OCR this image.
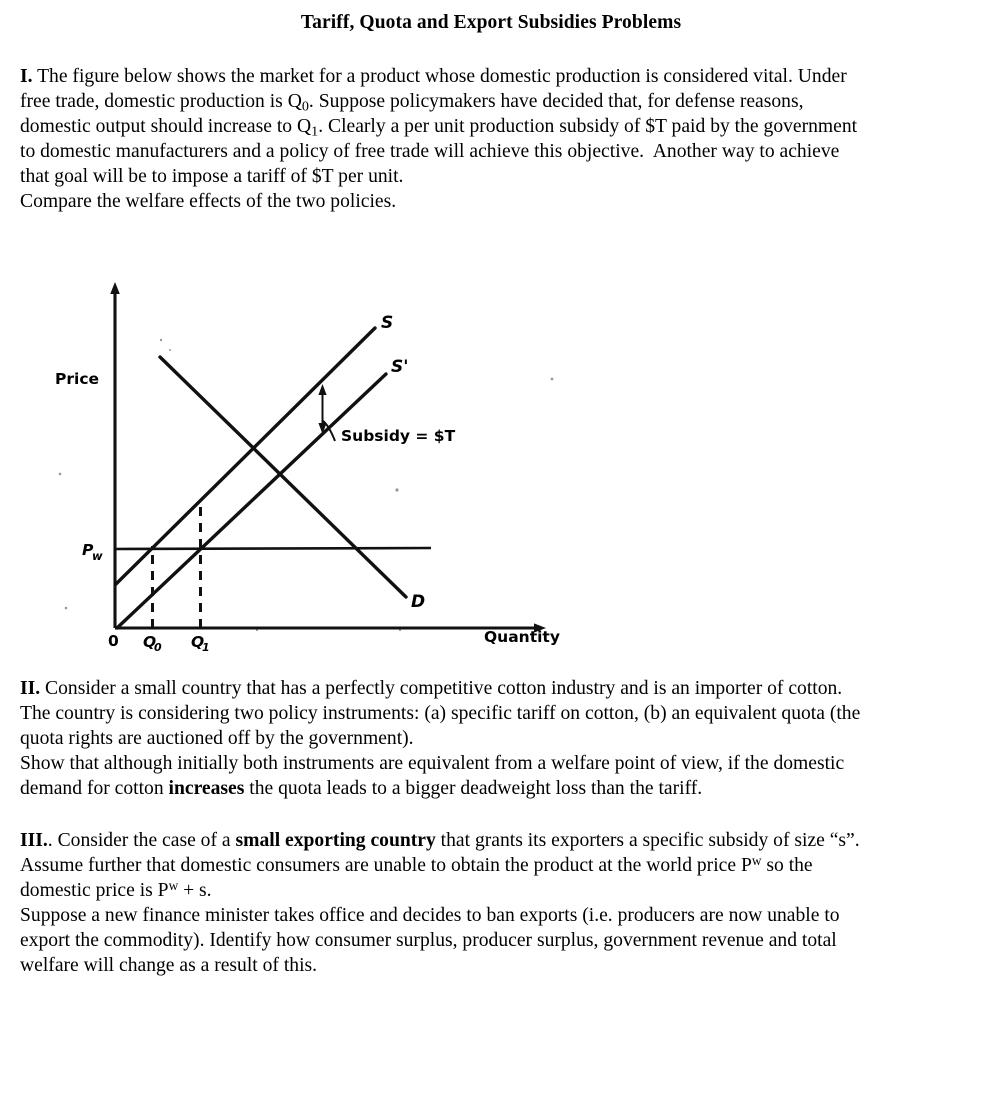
Tariff, Quota and Export Subsidies Problems
I. The figure below shows the market for a product whose domestic production is considered vital. Under
free trade, domestic production is $Q_0$. Suppose policymakers have decided that, for defense reasons,
domestic output should increase to $Q_1$. Clearly a per unit production subsidy of $T paid by the government
to domestic manufacturers and a policy of free trade will achieve this objective.  Another way to achieve
that goal will be to impose a tariff of $T per unit.
Compare the welfare effects of the two policies.
Price
Quantity
0
P
w
Q
0 Q
1
S
S'
D
Subsidy = $T
II. Consider a small country that has a perfectly competitive cotton industry and is an importer of cotton.
The country is considering two policy instruments: (a) specific tariff on cotton, (b) an equivalent quota (the
quota rights are auctioned off by the government).
Show that although initially both instruments are equivalent from a welfare point of view, if the domestic
demand for cotton increases the quota leads to a bigger deadweight loss than the tariff.
III.. Consider the case of a small exporting country that grants its exporters a specific subsidy of size “s”.
Assume further that domestic consumers are unable to obtain the product at the world price $P^w$ so the
domestic price is $P^w + s$.
Suppose a new finance minister takes office and decides to ban exports (i.e. producers are now unable to
export the commodity). Identify how consumer surplus, producer surplus, government revenue and total
welfare will change as a result of this.
